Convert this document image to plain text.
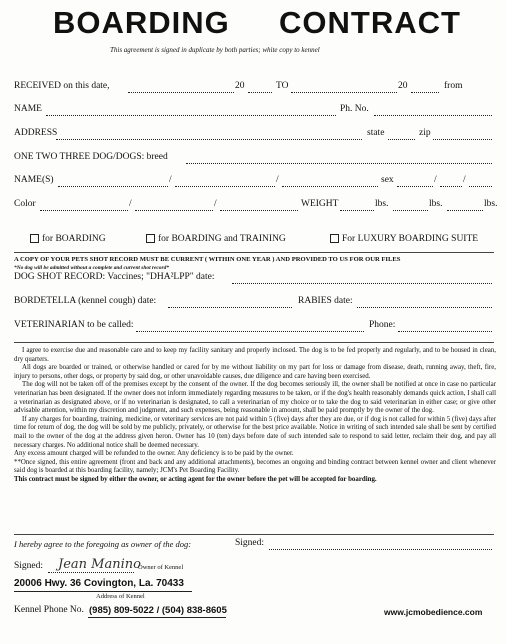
BOARDING CONTRACT
This agreement is signed in duplicate by both parties; white copy to kennel
RECEIVED on this date,	20	TO	20	from
NAME	Ph. No.
ADDRESS	state	zip
ONE TWO THREE DOG/DOGS: breed
NAME(S)	/	/	sex	/	/
Color	/	/	WEIGHT	lbs.	lbs.	lbs.
for BOARDING	for BOARDING and TRAINING	For LUXURY BOARDING SUITE
A COPY OF YOUR PETS SHOT RECORD MUST BE CURRENT ( WITHIN ONE YEAR ) AND PROVIDED TO US FOR OUR FILES
*No dog will be admitted without a complete and current shot record*
DOG SHOT RECORD: Vaccines; "DHA²LPP" date:
BORDETELLA (kennel cough) date:	RABIES date:
VETERINARIAN to be called:	Phone:

I agree to exercise due and reasonable care and to keep my facility sanitary and properly inclosed. The dog is to be fed properly and regularly, and to be housed in clean, dry quarters.

All dogs are boarded or trained, or otherwise handled or cared for by me without liability on my part for loss or damage from disease, death, running away, theft, fire, injury to persons, other dogs, or property by said dog, or other unavoidable causes, due diligence and care having been exercised.

The dog will not be taken off of the premises except by the consent of the owner. If the dog becomes seriously ill, the owner shall be notified at once in case no particular veterinarian has been designated. If the owner does not inform immediately regarding measures to be taken, or if the dog's health reasonably demands quick action, I shall call a veterinarian as designated above, or if no veterinarian is designated, to call a veterinarian of my choice or to take the dog to said veterinarian in either case; or give other advisable attention, within my discretion and judgment, and such expenses, being reasonable in amount, shall be paid promptly by the owner of the dog.

If any charges for boarding, training, medicine, or veterinary services are not paid within 5 (five) days after they are due, or if dog is not called for within 5 (five) days after time for return of dog, the dog will be sold by me publicly, privately, or otherwise for the best price available. Notice in writing of such intended sale shall be sent by certified mail to the owner of the dog at the address given heron. Owner has 10 (ten) days before date of such intended sale to respond to said letter, reclaim their dog, and pay all necessary charges. No additional notice shall be deemed necessary.

Any excess amount charged will be refunded to the owner. Any deficiency is to be paid by the owner.

**Once signed, this entire agreement (front and back and any additional attachments), becomes an ongoing and binding contract between kennel owner and client whenever said dog is boarded at this boarding facility, namely; JCM's Pet Boarding Facility.

This contract must be signed by either the owner, or acting agent for the owner before the pet will be accepted for boarding.

I hereby agree to the foregoing as owner of the dog:	Signed:
Signed: Jean Manino
Owner of Kennel
20006 Hwy. 36 Covington, La. 70433
Address of Kennel
Kennel Phone No. (985) 809-5022 / (504) 838-8605	www.jcmobedience.com
